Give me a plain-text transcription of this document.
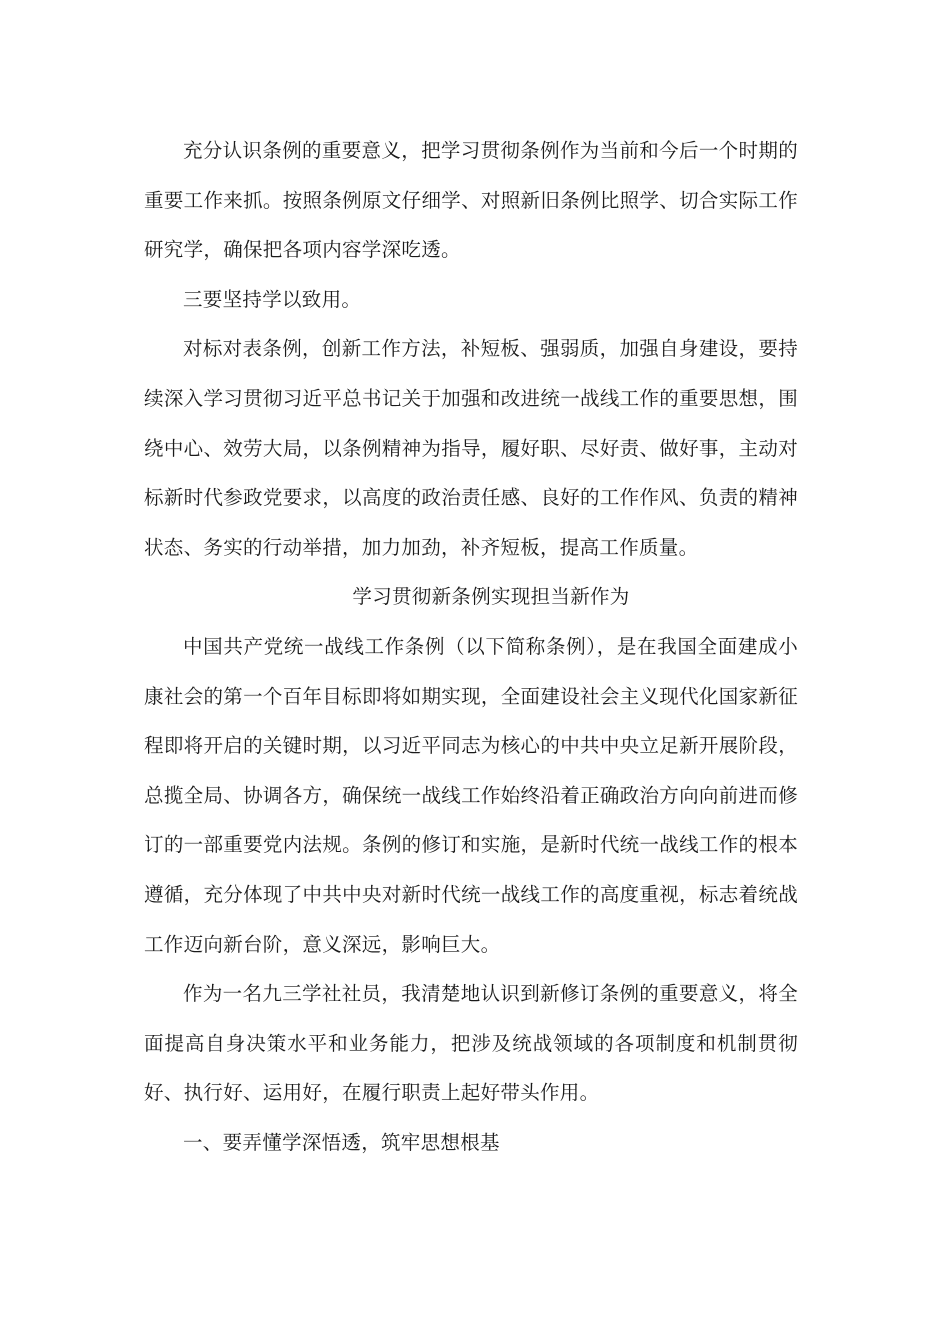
充分认识条例的重要意义，把学习贯彻条例作为当前和今后一个时期的重要工作来抓。按照条例原文仔细学、对照新旧条例比照学、切合实际工作研究学，确保把各项内容学深吃透。

三要坚持学以致用。

对标对表条例，创新工作方法，补短板、强弱质，加强自身建设，要持续深入学习贯彻习近平总书记关于加强和改进统一战线工作的重要思想，围绕中心、效劳大局，以条例精神为指导，履好职、尽好责、做好事，主动对标新时代参政党要求，以高度的政治责任感、良好的工作作风、负责的精神状态、务实的行动举措，加力加劲，补齐短板，提高工作质量。

学习贯彻新条例实现担当新作为

中国共产党统一战线工作条例（以下简称条例），是在我国全面建成小康社会的第一个百年目标即将如期实现，全面建设社会主义现代化国家新征程即将开启的关键时期，以习近平同志为核心的中共中央立足新开展阶段，总揽全局、协调各方，确保统一战线工作始终沿着正确政治方向向前进而修订的一部重要党内法规。条例的修订和实施，是新时代统一战线工作的根本遵循，充分体现了中共中央对新时代统一战线工作的高度重视，标志着统战工作迈向新台阶，意义深远，影响巨大。

作为一名九三学社社员，我清楚地认识到新修订条例的重要意义，将全面提高自身决策水平和业务能力，把涉及统战领域的各项制度和机制贯彻好、执行好、运用好，在履行职责上起好带头作用。

一、要弄懂学深悟透，筑牢思想根基
